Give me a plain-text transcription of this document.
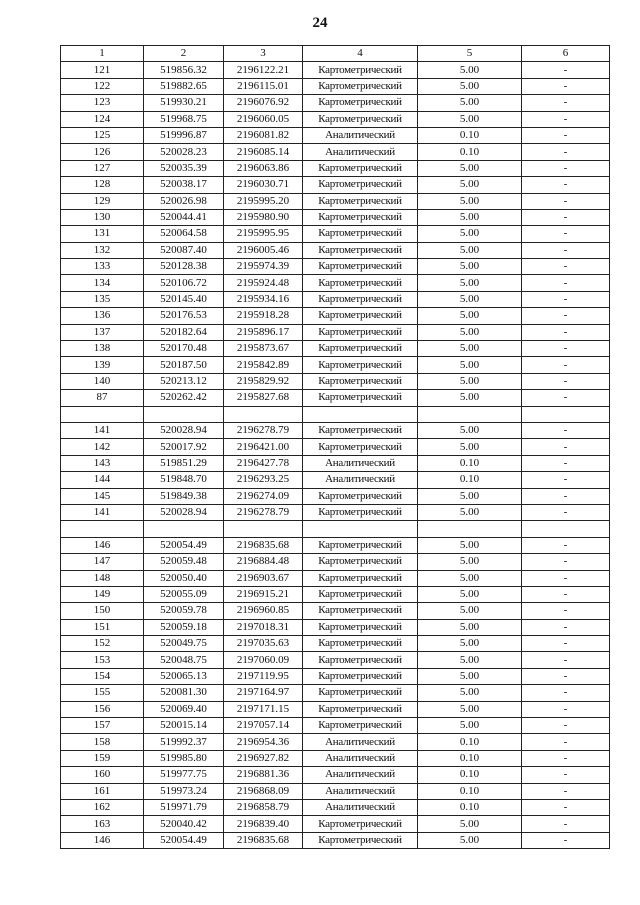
24
1	2	3	4	5	6
121	519856.32	2196122.21	Картометрический	5.00	-
122	519882.65	2196115.01	Картометрический	5.00	-
123	519930.21	2196076.92	Картометрический	5.00	-
124	519968.75	2196060.05	Картометрический	5.00	-
125	519996.87	2196081.82	Аналитический	0.10	-
126	520028.23	2196085.14	Аналитический	0.10	-
127	520035.39	2196063.86	Картометрический	5.00	-
128	520038.17	2196030.71	Картометрический	5.00	-
129	520026.98	2195995.20	Картометрический	5.00	-
130	520044.41	2195980.90	Картометрический	5.00	-
131	520064.58	2195995.95	Картометрический	5.00	-
132	520087.40	2196005.46	Картометрический	5.00	-
133	520128.38	2195974.39	Картометрический	5.00	-
134	520106.72	2195924.48	Картометрический	5.00	-
135	520145.40	2195934.16	Картометрический	5.00	-
136	520176.53	2195918.28	Картометрический	5.00	-
137	520182.64	2195896.17	Картометрический	5.00	-
138	520170.48	2195873.67	Картометрический	5.00	-
139	520187.50	2195842.89	Картометрический	5.00	-
140	520213.12	2195829.92	Картометрический	5.00	-
87	520262.42	2195827.68	Картометрический	5.00	-

141	520028.94	2196278.79	Картометрический	5.00	-
142	520017.92	2196421.00	Картометрический	5.00	-
143	519851.29	2196427.78	Аналитический	0.10	-
144	519848.70	2196293.25	Аналитический	0.10	-
145	519849.38	2196274.09	Картометрический	5.00	-
141	520028.94	2196278.79	Картометрический	5.00	-

146	520054.49	2196835.68	Картометрический	5.00	-
147	520059.48	2196884.48	Картометрический	5.00	-
148	520050.40	2196903.67	Картометрический	5.00	-
149	520055.09	2196915.21	Картометрический	5.00	-
150	520059.78	2196960.85	Картометрический	5.00	-
151	520059.18	2197018.31	Картометрический	5.00	-
152	520049.75	2197035.63	Картометрический	5.00	-
153	520048.75	2197060.09	Картометрический	5.00	-
154	520065.13	2197119.95	Картометрический	5.00	-
155	520081.30	2197164.97	Картометрический	5.00	-
156	520069.40	2197171.15	Картометрический	5.00	-
157	520015.14	2197057.14	Картометрический	5.00	-
158	519992.37	2196954.36	Аналитический	0.10	-
159	519985.80	2196927.82	Аналитический	0.10	-
160	519977.75	2196881.36	Аналитический	0.10	-
161	519973.24	2196868.09	Аналитический	0.10	-
162	519971.79	2196858.79	Аналитический	0.10	-
163	520040.42	2196839.40	Картометрический	5.00	-
146	520054.49	2196835.68	Картометрический	5.00	-
